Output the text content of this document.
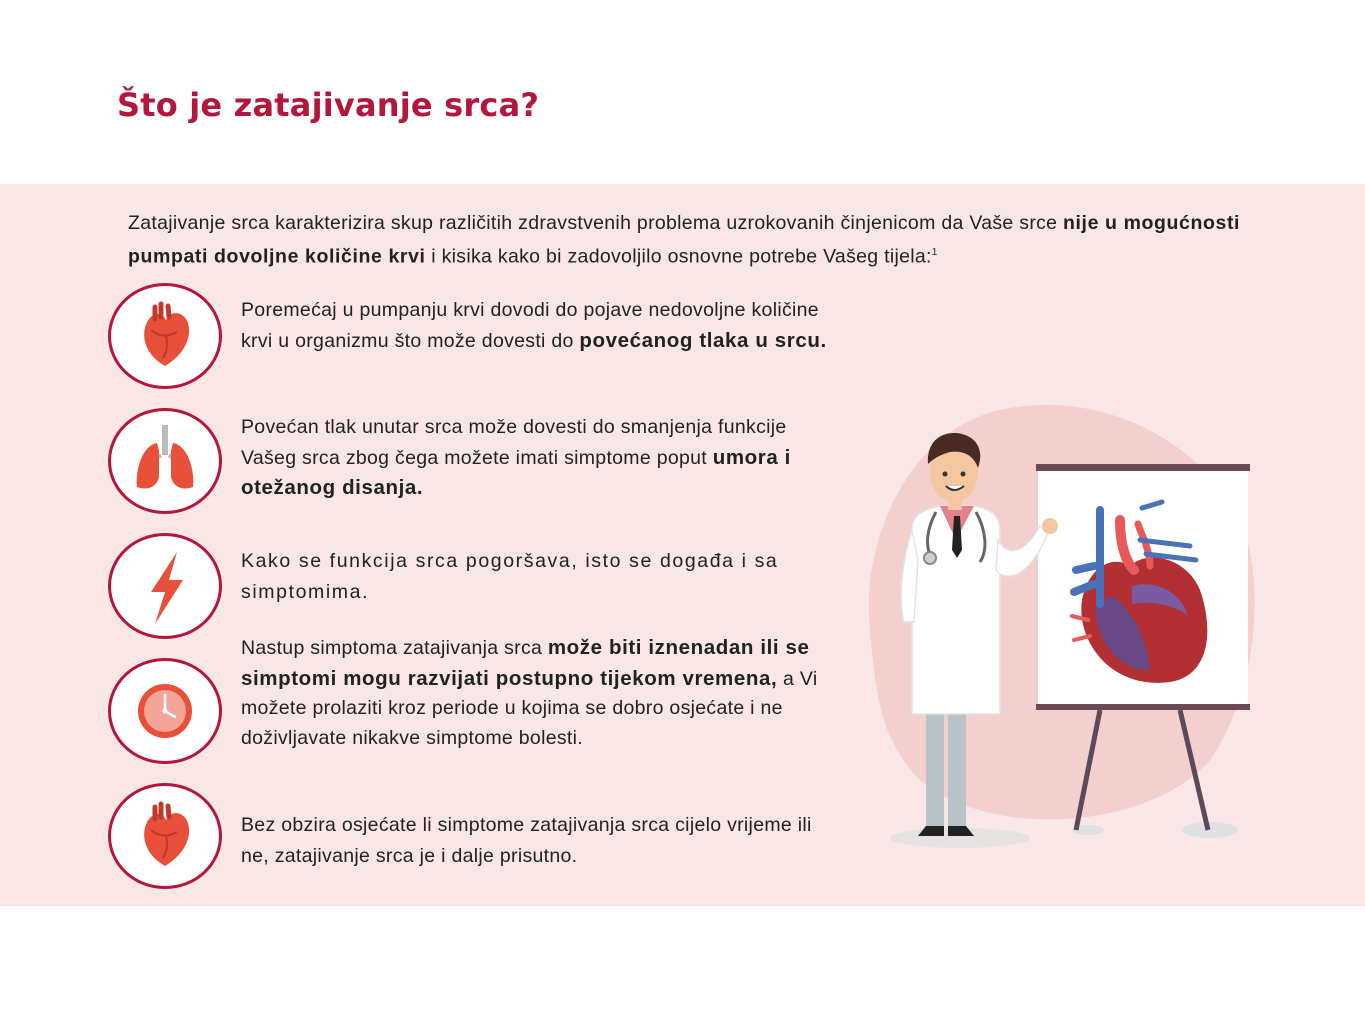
Što je zatajivanje srca?
Zatajivanje srca karakterizira skup različitih zdravstvenih problema uzrokovanih činjenicom da Vaše srce nije u mogućnosti pumpati dovoljne količine krvi i kisika kako bi zadovoljilo osnovne potrebe Vašeg tijela:$^1$
Poremećaj u pumpanju krvi dovodi do pojave nedovoljne količine krvi u organizmu što može dovesti do povećanog tlaka u srcu.
Povećan tlak unutar srca može dovesti do smanjenja funkcije Vašeg srca zbog čega možete imati simptome poput umora i otežanog disanja.
Kako se funkcija srca pogoršava, isto se događa i sa simptomima.
Nastup simptoma zatajivanja srca može biti iznenadan ili se simptomi mogu razvijati postupno tijekom vremena, a Vi možete prolaziti kroz periode u kojima se dobro osjećate i ne doživljavate nikakve simptome bolesti.
Bez obzira osjećate li simptome zatajivanja srca cijelo vrijeme ili ne, zatajivanje srca je i dalje prisutno.
